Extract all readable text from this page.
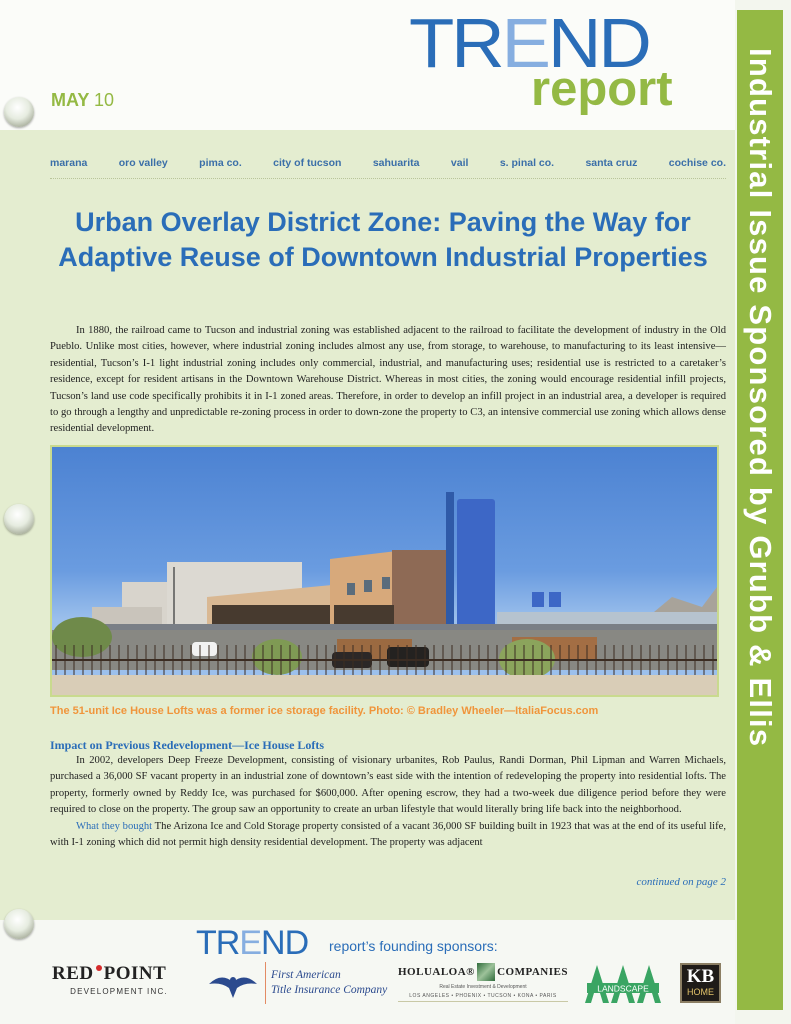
Industrial Issue Sponsored by Grubb & Ellis
TREND
report
MAY 10
marana	oro valley	pima co.	city of tucson	sahuarita	vail	s. pinal co.	santa cruz	cochise co.
Urban Overlay District Zone: Paving the Way for Adaptive Reuse of Downtown Industrial Properties

In 1880, the railroad came to Tucson and industrial zoning was established adjacent to the railroad to facilitate the development of industry in the Old Pueblo. Unlike most cities, however, where industrial zoning includes almost any use, from storage, to warehouse, to manufacturing to its least intensive—residential, Tucson’s I-1 light industrial zoning includes only commercial, industrial, and manufacturing uses; residential use is restricted to a caretaker’s residence, except for resident artisans in the Downtown Warehouse District. Whereas in most cities, the zoning would encourage residential infill projects, Tucson’s land use code specifically prohibits it in I-1 zoned areas. Therefore, in order to develop an infill project in an industrial area, a developer is required to go through a lengthy and unpredictable re-zoning process in order to down-zone the property to C3, an intensive commercial use zoning which allows dense residential development.

The 51-unit Ice House Lofts was a former ice storage facility. Photo: © Bradley Wheeler—ItaliaFocus.com
Impact on Previous Redevelopment—Ice House Lofts

In 2002, developers Deep Freeze Development, consisting of visionary urbanites, Rob Paulus, Randi Dorman, Phil Lipman and Warren Michaels, purchased a 36,000 SF vacant property in an industrial zone of downtown’s east side with the intention of redeveloping the property into residential lofts. The property, formerly owned by Reddy Ice, was purchased for $600,000. After opening escrow, they had a two-week due diligence period before they were required to close on the property. The group saw an opportunity to create an urban lifestyle that would literally bring life back into the neighborhood.

What they bought The Arizona Ice and Cold Storage property consisted of a vacant 36,000 SF building built in 1923 that was at the end of its useful life, with I-1 zoning which did not permit high density residential development. The property was adjacent

continued on page 2
TREND report’s founding sponsors:
RED POINT
DEVELOPMENT INC.
First American
Title Insurance Company
HOLUALOA® COMPANIES
Real Estate Investment & Development
LOS ANGELES • PHOENIX • TUCSON • KONA • PARIS
LANDSCAPE
KB
HOME
